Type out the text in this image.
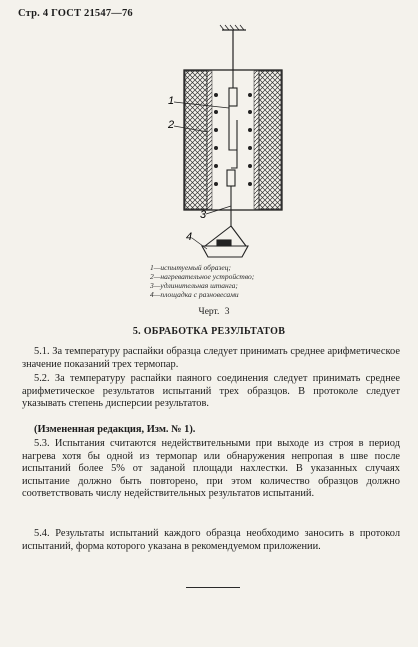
Стр. 4 ГОСТ 21547—76
1
2
3
4
1—испытуемый образец;
2—нагревательное устройство;
3—удлинительная штанга;
4—площадка с разновесами
Черт. 3
5. ОБРАБОТКА РЕЗУЛЬТАТОВ
5.1. За температуру распайки образца следует принимать среднее арифметическое значение показаний трех термопар.
5.2. За температуру распайки паяного соединения следует принимать среднее арифметическое результатов испытаний трех образцов. В протоколе следует указывать степень дисперсии результатов.
(Измененная редакция, Изм. № 1).
5.3. Испытания считаются недействительными при выходе из строя в период нагрева хотя бы одной из термопар или обнаружения непропая в шве после испытаний более 5% от заданой площади нахлестки. В указанных случаях испытание должно быть повторено, при этом количество образцов должно соответствовать числу недействительных результатов испытаний.
5.4. Результаты испытаний каждого образца необходимо заносить в протокол испытаний, форма которого указана в рекомендуемом приложении.
